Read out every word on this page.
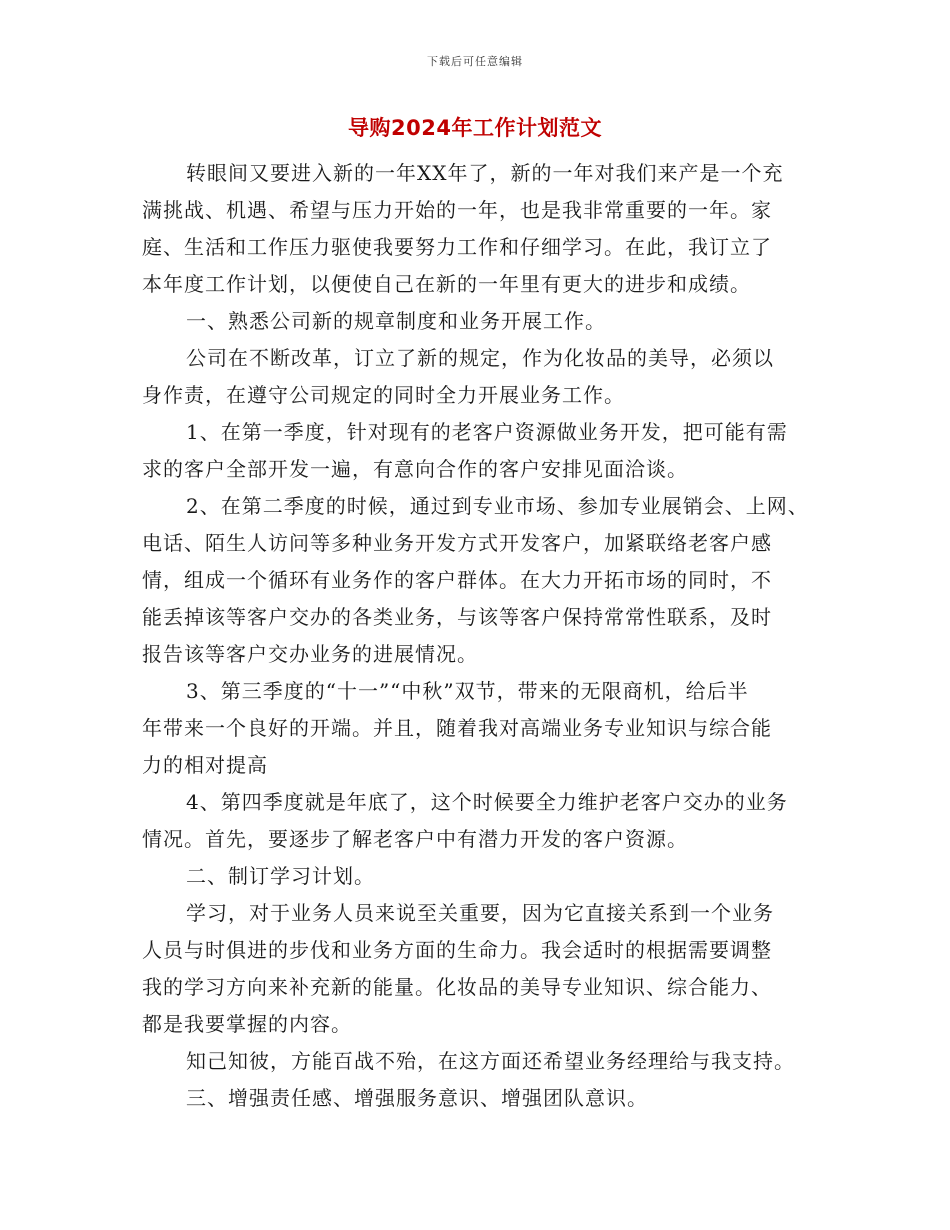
下载后可任意编辑
导购2024年工作计划范文
转眼间又要进入新的一年XX年了，新的一年对我们来产是一个充
满挑战、机遇、希望与压力开始的一年，也是我非常重要的一年。家
庭、生活和工作压力驱使我要努力工作和仔细学习。在此，我订立了
本年度工作计划，以便使自己在新的一年里有更大的进步和成绩。
一、熟悉公司新的规章制度和业务开展工作。
公司在不断改革，订立了新的规定，作为化妆品的美导，必须以
身作责，在遵守公司规定的同时全力开展业务工作。
1、在第一季度，针对现有的老客户资源做业务开发，把可能有需
求的客户全部开发一遍，有意向合作的客户安排见面洽谈。
2、在第二季度的时候，通过到专业市场、参加专业展销会、上网、
电话、陌生人访问等多种业务开发方式开发客户，加紧联络老客户感
情，组成一个循环有业务作的客户群体。在大力开拓市场的同时，不
能丢掉该等客户交办的各类业务，与该等客户保持常常性联系，及时
报告该等客户交办业务的进展情况。
3、第三季度的“十一”“中秋”双节，带来的无限商机，给后半
年带来一个良好的开端。并且，随着我对高端业务专业知识与综合能
力的相对提高
4、第四季度就是年底了，这个时候要全力维护老客户交办的业务
情况。首先，要逐步了解老客户中有潜力开发的客户资源。
二、制订学习计划。
学习，对于业务人员来说至关重要，因为它直接关系到一个业务
人员与时俱进的步伐和业务方面的生命力。我会适时的根据需要调整
我的学习方向来补充新的能量。化妆品的美导专业知识、综合能力、
都是我要掌握的内容。
知己知彼，方能百战不殆，在这方面还希望业务经理给与我支持。
三、增强责任感、增强服务意识、增强团队意识。
